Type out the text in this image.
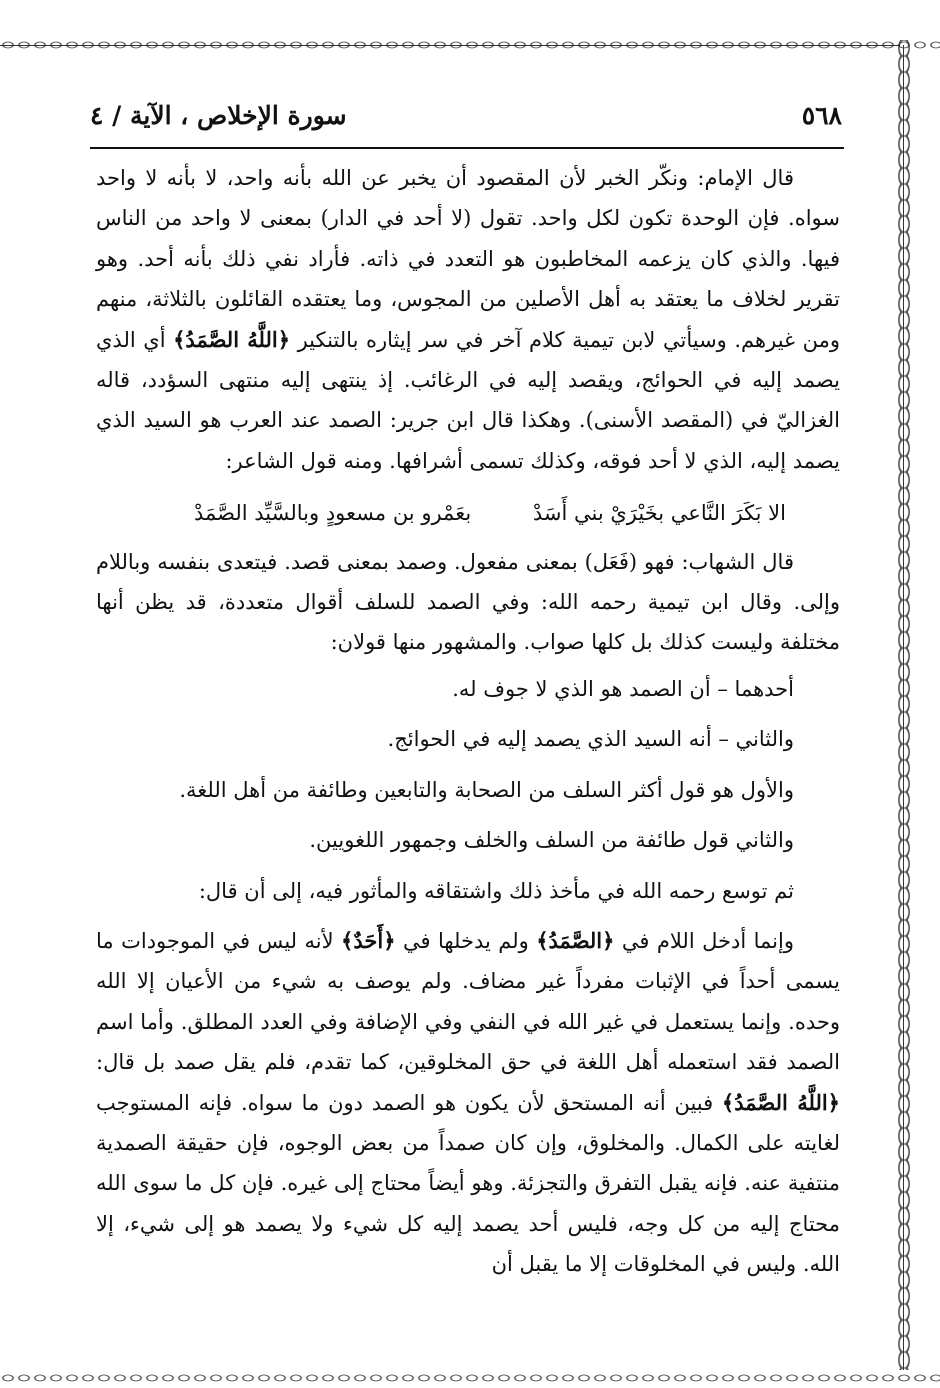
سورة الإخلاص ، الآية / ٤	٥٦٨

قال الإمام: ونكّر الخبر لأن المقصود أن يخبر عن الله بأنه واحد، لا بأنه لا واحد سواه. فإن الوحدة تكون لكل واحد. تقول (لا أحد في الدار) بمعنى لا واحد من الناس فيها. والذي كان يزعمه المخاطبون هو التعدد في ذاته. فأراد نفي ذلك بأنه أحد. وهو تقرير لخلاف ما يعتقد به أهل الأصلين من المجوس، وما يعتقده القائلون بالثلاثة، منهم ومن غيرهم. وسيأتي لابن تيمية كلام آخر في سر إيثاره بالتنكير ﴿اللَّهُ الصَّمَدُ﴾ أي الذي يصمد إليه في الحوائج، ويقصد إليه في الرغائب. إذ ينتهى إليه منتهى السؤدد، قاله الغزاليّ في (المقصد الأسنى). وهكذا قال ابن جرير: الصمد عند العرب هو السيد الذي يصمد إليه، الذي لا أحد فوقه، وكذلك تسمى أشرافها. ومنه قول الشاعر:

الا بَكَرَ النَّاعي بخَيْرَيْ بني أَسَدْ
بعَمْرو بن مسعودٍ وبالسَّيِّد الصَّمَدْ

قال الشهاب: فهو (فَعَل) بمعنى مفعول. وصمد بمعنى قصد. فيتعدى بنفسه وباللام وإلى. وقال ابن تيمية رحمه الله: وفي الصمد للسلف أقوال متعددة، قد يظن أنها مختلفة وليست كذلك بل كلها صواب. والمشهور منها قولان:

أحدهما – أن الصمد هو الذي لا جوف له.

والثاني – أنه السيد الذي يصمد إليه في الحوائج.

والأول هو قول أكثر السلف من الصحابة والتابعين وطائفة من أهل اللغة.

والثاني قول طائفة من السلف والخلف وجمهور اللغويين.

ثم توسع رحمه الله في مأخذ ذلك واشتقاقه والمأثور فيه، إلى أن قال:

وإنما أدخل اللام في ﴿الصَّمَدُ﴾ ولم يدخلها في ﴿أَحَدٌ﴾ لأنه ليس في الموجودات ما يسمى أحداً في الإثبات مفرداً غير مضاف. ولم يوصف به شيء من الأعيان إلا الله وحده. وإنما يستعمل في غير الله في النفي وفي الإضافة وفي العدد المطلق. وأما اسم الصمد فقد استعمله أهل اللغة في حق المخلوقين، كما تقدم، فلم يقل صمد بل قال: ﴿اللَّهُ الصَّمَدُ﴾ فبين أنه المستحق لأن يكون هو الصمد دون ما سواه. فإنه المستوجب لغايته على الكمال. والمخلوق، وإن كان صمداً من بعض الوجوه، فإن حقيقة الصمدية منتفية عنه. فإنه يقبل التفرق والتجزئة. وهو أيضاً محتاج إلى غيره. فإن كل ما سوى الله محتاج إليه من كل وجه، فليس أحد يصمد إليه كل شيء ولا يصمد هو إلى شيء، إلا الله. وليس في المخلوقات إلا ما يقبل أن
